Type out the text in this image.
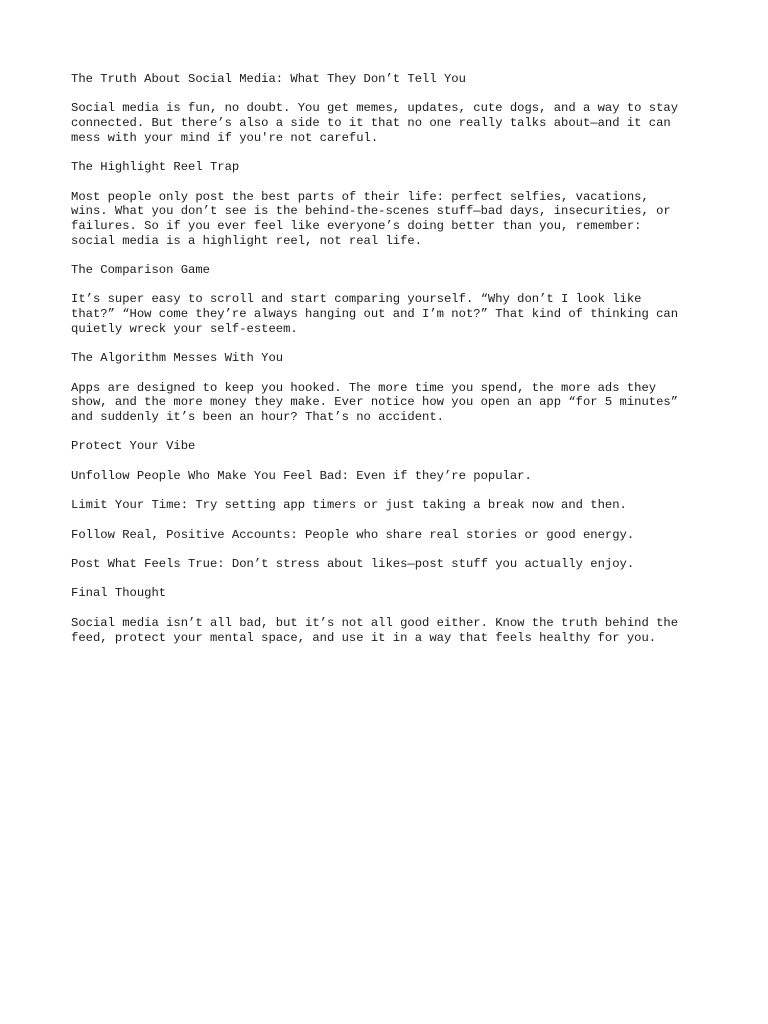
The Truth About Social Media: What They Don’t Tell You

Social media is fun, no doubt. You get memes, updates, cute dogs, and a way to stay
connected. But there’s also a side to it that no one really talks about—and it can
mess with your mind if you're not careful.

The Highlight Reel Trap

Most people only post the best parts of their life: perfect selfies, vacations,
wins. What you don’t see is the behind-the-scenes stuff—bad days, insecurities, or
failures. So if you ever feel like everyone’s doing better than you, remember:
social media is a highlight reel, not real life.

The Comparison Game

It’s super easy to scroll and start comparing yourself. “Why don’t I look like
that?” “How come they’re always hanging out and I’m not?” That kind of thinking can
quietly wreck your self-esteem.

The Algorithm Messes With You

Apps are designed to keep you hooked. The more time you spend, the more ads they
show, and the more money they make. Ever notice how you open an app “for 5 minutes”
and suddenly it’s been an hour? That’s no accident.

Protect Your Vibe

Unfollow People Who Make You Feel Bad: Even if they’re popular.

Limit Your Time: Try setting app timers or just taking a break now and then.

Follow Real, Positive Accounts: People who share real stories or good energy.

Post What Feels True: Don’t stress about likes—post stuff you actually enjoy.

Final Thought

Social media isn’t all bad, but it’s not all good either. Know the truth behind the
feed, protect your mental space, and use it in a way that feels healthy for you.
